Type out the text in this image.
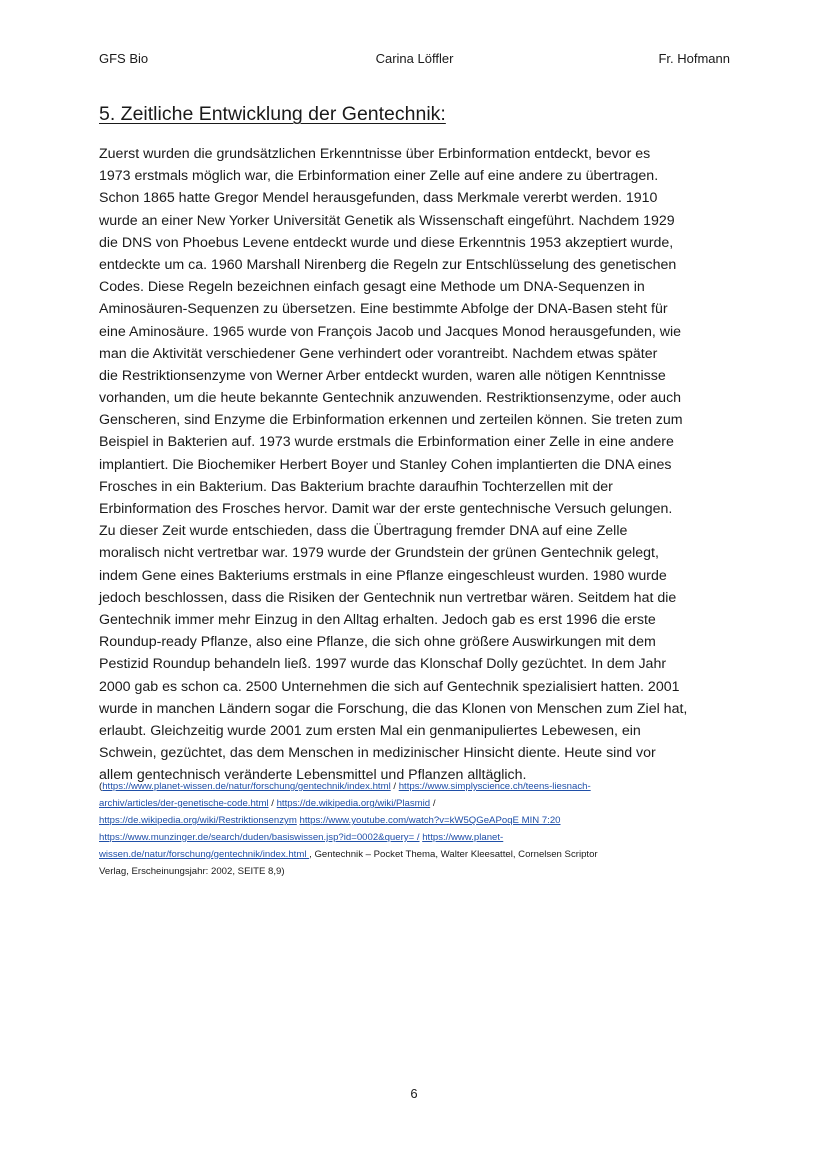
GFS Bio	Carina Löffler	Fr. Hofmann
5. Zeitliche Entwicklung der Gentechnik:
Zuerst wurden die grundsätzlichen Erkenntnisse über Erbinformation entdeckt, bevor es
1973 erstmals möglich war, die Erbinformation einer Zelle auf eine andere zu übertragen.
Schon 1865 hatte Gregor Mendel herausgefunden, dass Merkmale vererbt werden. 1910
wurde an einer New Yorker Universität Genetik als Wissenschaft eingeführt. Nachdem 1929
die DNS von Phoebus Levene entdeckt wurde und diese Erkenntnis 1953 akzeptiert wurde,
entdeckte um ca. 1960 Marshall Nirenberg die Regeln zur Entschlüsselung des genetischen
Codes. Diese Regeln bezeichnen einfach gesagt eine Methode um DNA-Sequenzen in
Aminosäuren-Sequenzen zu übersetzen. Eine bestimmte Abfolge der DNA-Basen steht für
eine Aminosäure. 1965 wurde von François Jacob und Jacques Monod herausgefunden, wie
man die Aktivität verschiedener Gene verhindert oder vorantreibt. Nachdem etwas später
die Restriktionsenzyme von Werner Arber entdeckt wurden, waren alle nötigen Kenntnisse
vorhanden, um die heute bekannte Gentechnik anzuwenden. Restriktionsenzyme, oder auch
Genscheren, sind Enzyme die Erbinformation erkennen und zerteilen können. Sie treten zum
Beispiel in Bakterien auf. 1973 wurde erstmals die Erbinformation einer Zelle in eine andere
implantiert. Die Biochemiker Herbert Boyer und Stanley Cohen implantierten die DNA eines
Frosches in ein Bakterium. Das Bakterium brachte daraufhin Tochterzellen mit der
Erbinformation des Frosches hervor. Damit war der erste gentechnische Versuch gelungen.
Zu dieser Zeit wurde entschieden, dass die Übertragung fremder DNA auf eine Zelle
moralisch nicht vertretbar war. 1979 wurde der Grundstein der grünen Gentechnik gelegt,
indem Gene eines Bakteriums erstmals in eine Pflanze eingeschleust wurden. 1980 wurde
jedoch beschlossen, dass die Risiken der Gentechnik nun vertretbar wären. Seitdem hat die
Gentechnik immer mehr Einzug in den Alltag erhalten. Jedoch gab es erst 1996 die erste
Roundup-ready Pflanze, also eine Pflanze, die sich ohne größere Auswirkungen mit dem
Pestizid Roundup behandeln ließ. 1997 wurde das Klonschaf Dolly gezüchtet. In dem Jahr
2000 gab es schon ca. 2500 Unternehmen die sich auf Gentechnik spezialisiert hatten. 2001
wurde in manchen Ländern sogar die Forschung, die das Klonen von Menschen zum Ziel hat,
erlaubt. Gleichzeitig wurde 2001 zum ersten Mal ein genmanipuliertes Lebewesen, ein
Schwein, gezüchtet, das dem Menschen in medizinischer Hinsicht diente. Heute sind vor
allem gentechnisch veränderte Lebensmittel und Pflanzen alltäglich.
(https://www.planet-wissen.de/natur/forschung/gentechnik/index.html / https://www.simplyscience.ch/teens-liesnach-
archiv/articles/der-genetische-code.html / https://de.wikipedia.org/wiki/Plasmid /
https://de.wikipedia.org/wiki/Restriktionsenzym https://www.youtube.com/watch?v=kW5QGeAPoqE MIN 7:20
https://www.munzinger.de/search/duden/basiswissen.jsp?id=0002&query= / https://www.planet-
wissen.de/natur/forschung/gentechnik/index.html , Gentechnik – Pocket Thema, Walter Kleesattel, Cornelsen Scriptor
Verlag, Erscheinungsjahr: 2002, SEITE 8,9)
6
